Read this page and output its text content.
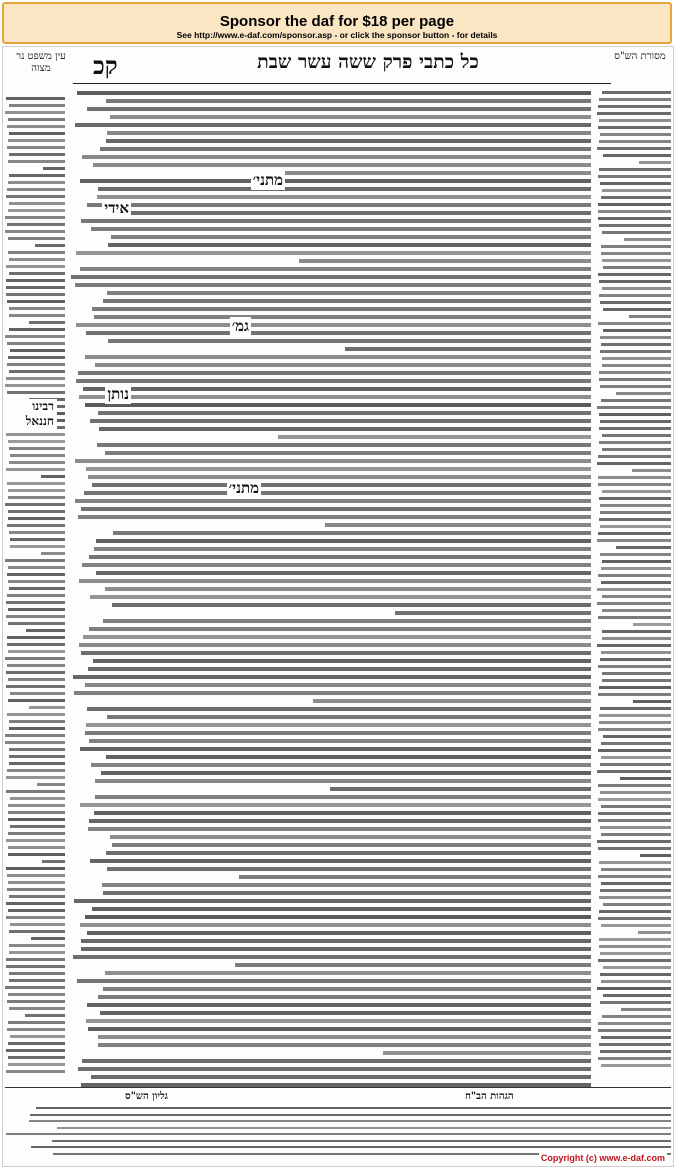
Sponsor the daf for $18 per page
See http://www.e-daf.com/sponsor.asp - or click the sponsor button - for details
עין משפט נר מצוה	קכ	כל כתבי פרק ששה עשר שבת	מסורת הש"ס
רבינו חננאל
מתני׳
גמ׳
מתני׳
אידי
נותן
גליון הש"ס	הגהות הב"ח
Copyright (c) www.e-daf.com
